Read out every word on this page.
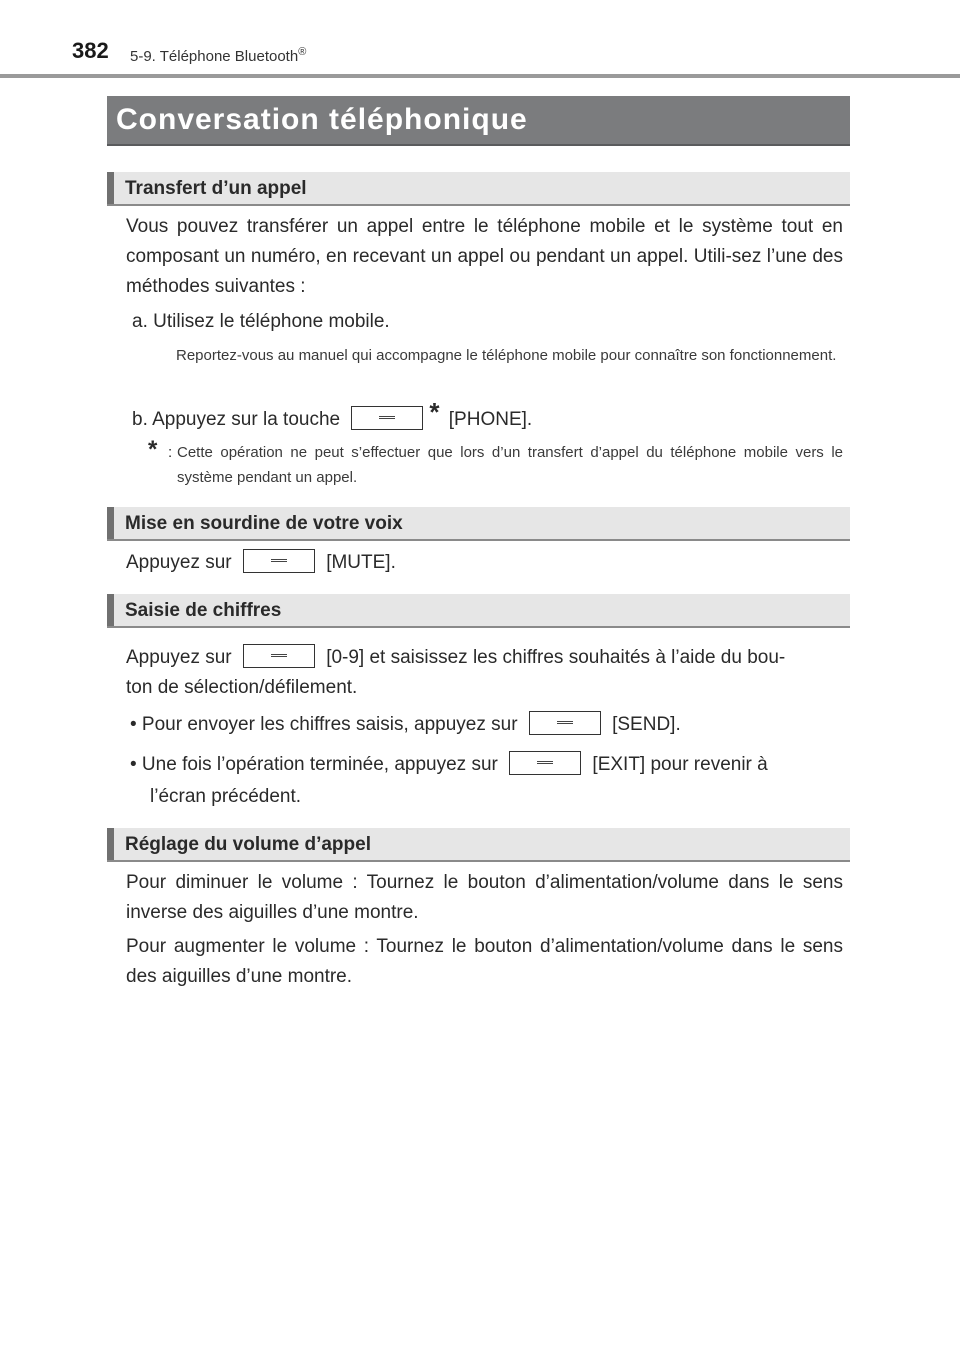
382 5-9. Téléphone Bluetooth®
Conversation téléphonique
Transfert d’un appel
Vous pouvez transférer un appel entre le téléphone mobile et le système tout en composant un numéro, en recevant un appel ou pendant un appel. Utili-sez l’une des méthodes suivantes :
a. Utilisez le téléphone mobile.
Reportez-vous au manuel qui accompagne le téléphone mobile pour connaître son fonctionnement.
b. Appuyez sur la touche	* [PHONE].
* : Cette opération ne peut s’effectuer que lors d’un transfert d’appel du téléphone mobile vers le système pendant un appel.
Mise en sourdine de votre voix
Appuyez sur	[MUTE].
Saisie de chiffres
Appuyez sur	[0-9] et saisissez les chiffres souhaités à l’aide du bou-
ton de sélection/défilement.
• Pour envoyer les chiffres saisis, appuyez sur	[SEND].
• Une fois l’opération terminée, appuyez sur	[EXIT] pour revenir à
l’écran précédent.
Réglage du volume d’appel
Pour diminuer le volume : Tournez le bouton d’alimentation/volume dans le sens inverse des aiguilles d’une montre.
Pour augmenter le volume : Tournez le bouton d’alimentation/volume dans le sens des aiguilles d’une montre.
